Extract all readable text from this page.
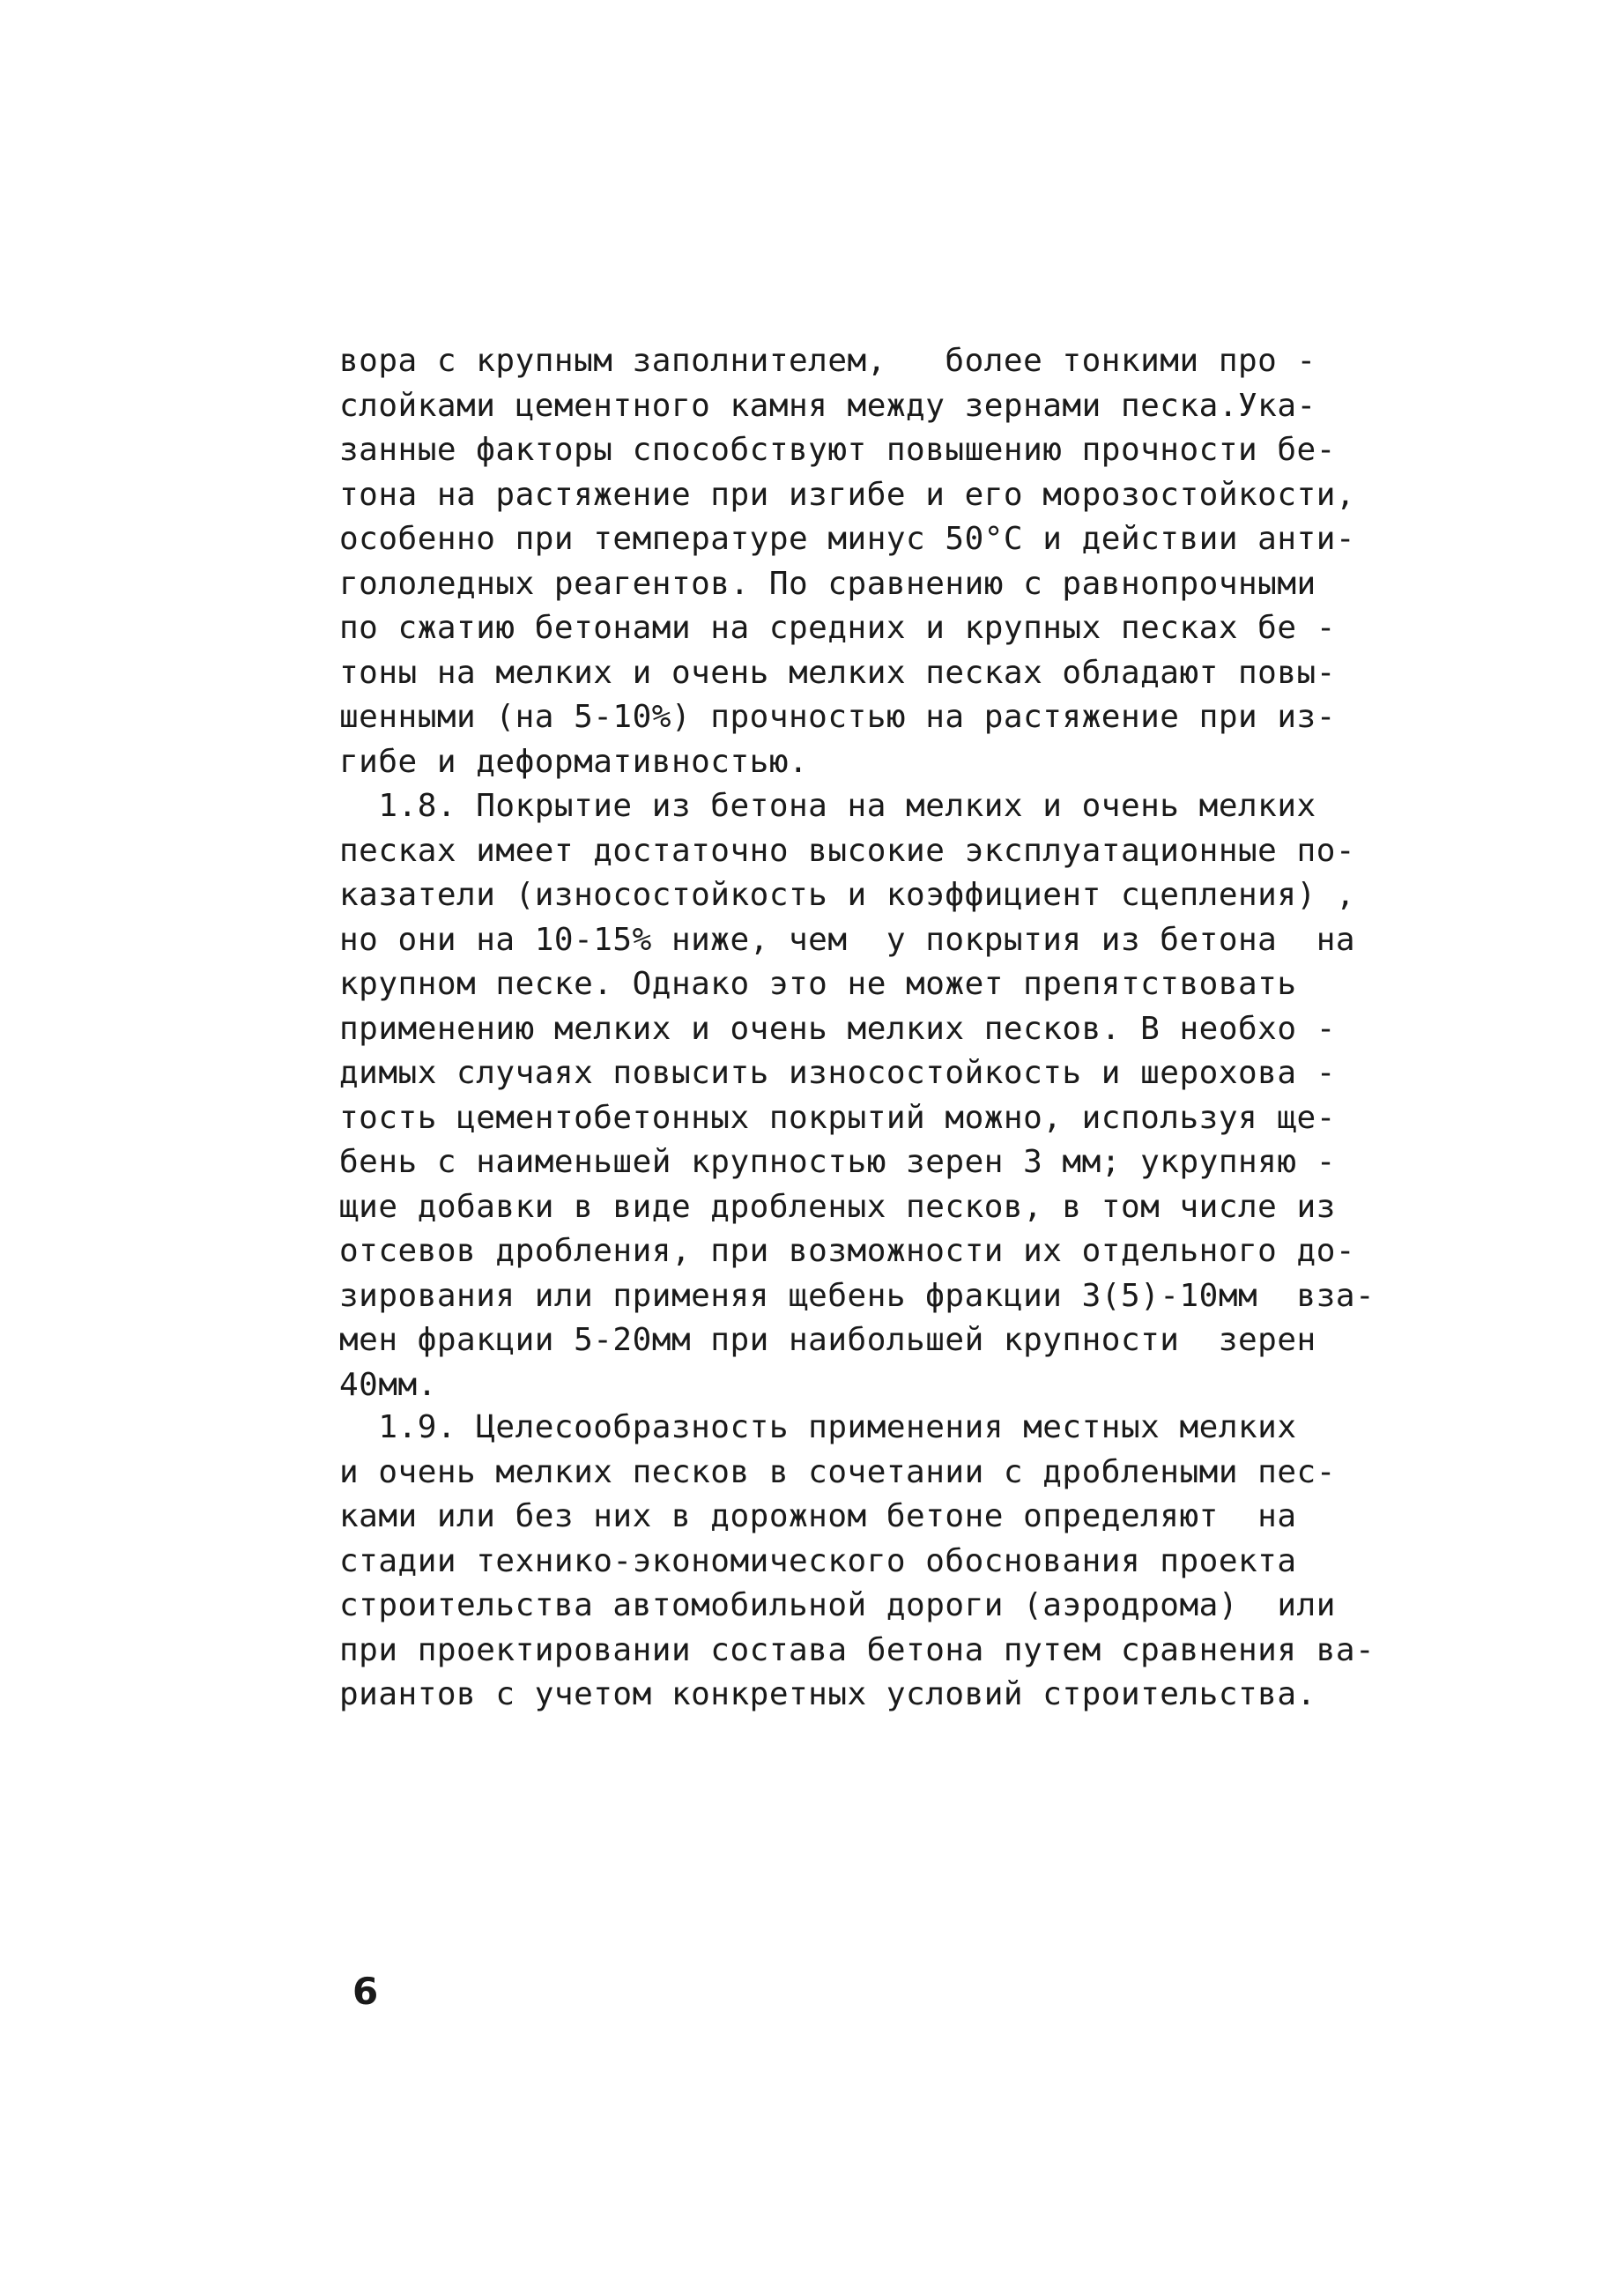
вора с крупным заполнителем,   более тонкими про -
слойками цементного камня между зернами песка.Ука-
занные факторы способствуют повышению прочности бе-
тона на растяжение при изгибе и его морозостойкости,
особенно при температуре минус 50°С и действии анти-
гололедных реагентов. По сравнению с равнопрочными
по сжатию бетонами на средних и крупных песках бе -
тоны на мелких и очень мелких песках обладают повы-
шенными (на 5-10%) прочностью на растяжение при из-
гибе и деформативностью.
1.8. Покрытие из бетона на мелких и очень мелких
песках имеет достаточно высокие эксплуатационные по-
казатели (износостойкость и коэффициент сцепления) ,
но они на 10-15% ниже, чем  у покрытия из бетона  на
крупном песке. Однако это не может препятствовать
применению мелких и очень мелких песков. В необхо -
димых случаях повысить износостойкость и шерохова -
тость цементобетонных покрытий можно, используя ще-
бень с наименьшей крупностью зерен 3 мм; укрупняю -
щие добавки в виде дробленых песков, в том числе из
отсевов дробления, при возможности их отдельного до-
зирования или применяя щебень фракции 3(5)-10мм  вза-
мен фракции 5-20мм при наибольшей крупности  зерен
40мм.
1.9. Целесообразность применения местных мелких
и очень мелких песков в сочетании с дроблеными пес-
ками или без них в дорожном бетоне определяют  на
стадии технико-экономического обоснования проекта
строительства автомобильной дороги (аэродрома)  или
при проектировании состава бетона путем сравнения ва-
риантов с учетом конкретных условий строительства.
6
